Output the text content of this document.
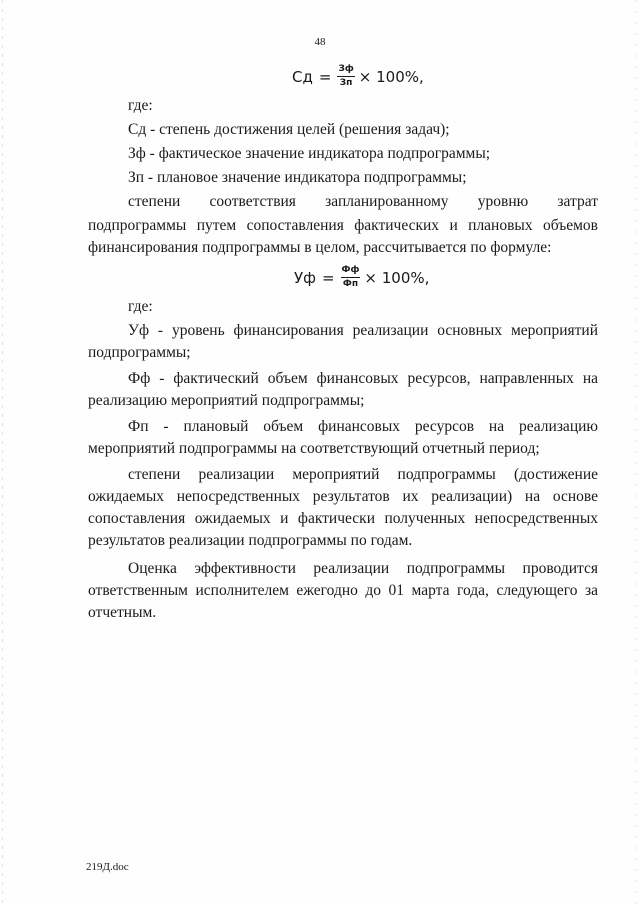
48
Сд = $\frac{Зф}{Зп} \times 100\%$,
где:
Сд - степень достижения целей (решения задач);
Зф - фактическое значение индикатора подпрограммы;
Зп - плановое значение индикатора подпрограммы;
степени соответствия запланированному уровню затрат
подпрограммы путем сопоставления фактических и плановых объемов финансирования подпрограммы в целом, рассчитывается по формуле:
Уф = $\frac{Фф}{Фп} \times 100\%$,
где:
Уф - уровень финансирования реализации основных мероприятий подпрограммы;
Фф - фактический объем финансовых ресурсов, направленных на реализацию мероприятий подпрограммы;
Фп - плановый объем финансовых ресурсов на реализацию мероприятий подпрограммы на соответствующий отчетный период;
степени реализации мероприятий подпрограммы (достижение ожидаемых непосредственных результатов их реализации) на основе сопоставления ожидаемых и фактически полученных непосредственных результатов реализации подпрограммы по годам.
Оценка эффективности реализации подпрограммы проводится ответственным исполнителем ежегодно до 01 марта года, следующего за отчетным.
219Д.doc
